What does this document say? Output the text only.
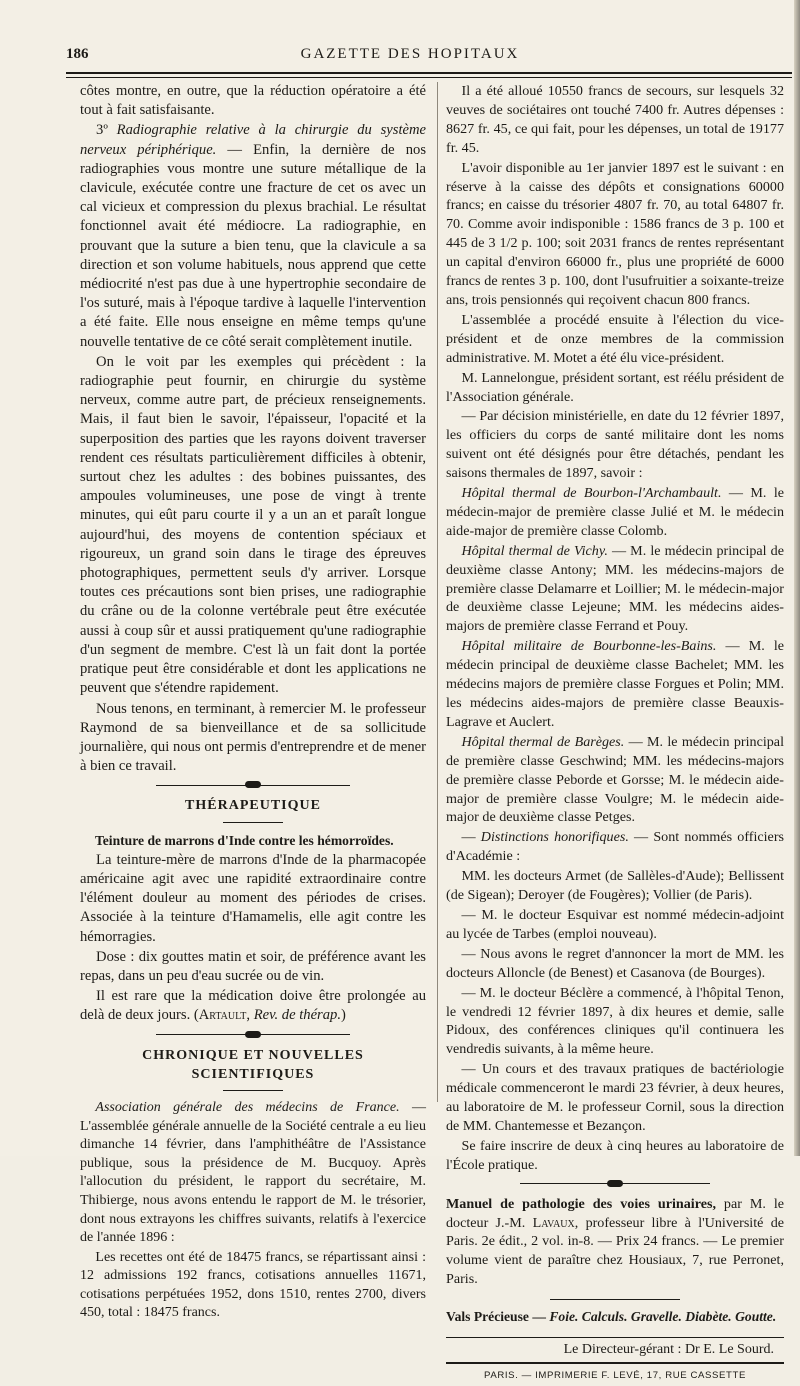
186	GAZETTE DES HOPITAUX

côtes montre, en outre, que la réduction opératoire a été tout à fait satisfaisante.

3º Radiographie relative à la chirurgie du système nerveux périphérique. — Enfin, la dernière de nos radiographies vous montre une suture métallique de la clavicule, exécutée contre une fracture de cet os avec un cal vicieux et compression du plexus brachial. Le résultat fonctionnel avait été médiocre. La radiographie, en prouvant que la suture a bien tenu, que la clavicule a sa direction et son volume habituels, nous apprend que cette médiocrité n'est pas due à une hypertrophie secondaire de l'os suturé, mais à l'époque tardive à laquelle l'intervention a été faite. Elle nous enseigne en même temps qu'une nouvelle tentative de ce côté serait complètement inutile.

On le voit par les exemples qui précèdent : la radiographie peut fournir, en chirurgie du système nerveux, comme autre part, de précieux renseignements. Mais, il faut bien le savoir, l'épaisseur, l'opacité et la superposition des parties que les rayons doivent traverser rendent ces résultats particulièrement difficiles à obtenir, surtout chez les adultes : des bobines puissantes, des ampoules volumineuses, une pose de vingt à trente minutes, qui eût paru courte il y a un an et paraît longue aujourd'hui, des moyens de contention spéciaux et rigoureux, un grand soin dans le tirage des épreuves photographiques, permettent seuls d'y arriver. Lorsque toutes ces précautions sont bien prises, une radiographie du crâne ou de la colonne vertébrale peut être exécutée aussi à coup sûr et aussi pratiquement qu'une radiographie d'un segment de membre. C'est là un fait dont la portée pratique peut être considérable et dont les applications ne peuvent que s'étendre rapidement.

Nous tenons, en terminant, à remercier M. le professeur Raymond de sa bienveillance et de sa sollicitude journalière, qui nous ont permis d'entreprendre et de mener à bien ce travail.

THÉRAPEUTIQUE

Teinture de marrons d'Inde contre les hémorroïdes.

La teinture-mère de marrons d'Inde de la pharmacopée américaine agit avec une rapidité extraordinaire contre l'élément douleur au moment des périodes de crises. Associée à la teinture d'Hamamelis, elle agit contre les hémorragies.

Dose : dix gouttes matin et soir, de préférence avant les repas, dans un peu d'eau sucrée ou de vin.

Il est rare que la médication doive être prolongée au delà de deux jours. (Artault, Rev. de thérap.)

CHRONIQUE ET NOUVELLES SCIENTIFIQUES

Association générale des médecins de France. — L'assemblée générale annuelle de la Société centrale a eu lieu dimanche 14 février, dans l'amphithéâtre de l'Assistance publique, sous la présidence de M. Bucquoy. Après l'allocution du président, le rapport du secrétaire, M. Thibierge, nous avons entendu le rapport de M. le trésorier, dont nous extrayons les chiffres suivants, relatifs à l'exercice de l'année 1896 :

Les recettes ont été de 18475 francs, se répartissant ainsi : 12 admissions 192 francs, cotisations annuelles 11671, cotisations perpétuées 1952, dons 1510, rentes 2700, divers 450, total : 18475 francs.

Il a été alloué 10550 francs de secours, sur lesquels 32 veuves de sociétaires ont touché 7400 fr. Autres dépenses : 8627 fr. 45, ce qui fait, pour les dépenses, un total de 19177 fr. 45.

L'avoir disponible au 1er janvier 1897 est le suivant : en réserve à la caisse des dépôts et consignations 60000 francs; en caisse du trésorier 4807 fr. 70, au total 64807 fr. 70. Comme avoir indisponible : 1586 francs de 3 p. 100 et 445 de 3 1/2 p. 100; soit 2031 francs de rentes représentant un capital d'environ 66000 fr., plus une propriété de 6000 francs de rentes 3 p. 100, dont l'usufruitier a soixante-treize ans, trois pensionnés qui reçoivent chacun 800 francs.

L'assemblée a procédé ensuite à l'élection du vice-président et de onze membres de la commission administrative. M. Motet a été élu vice-président.

M. Lannelongue, président sortant, est réélu président de l'Association générale.

— Par décision ministérielle, en date du 12 février 1897, les officiers du corps de santé militaire dont les noms suivent ont été désignés pour être détachés, pendant les saisons thermales de 1897, savoir :

Hôpital thermal de Bourbon-l'Archambault. — M. le médecin-major de première classe Julié et M. le médecin aide-major de première classe Colomb.

Hôpital thermal de Vichy. — M. le médecin principal de deuxième classe Antony; MM. les médecins-majors de première classe Delamarre et Loillier; M. le médecin-major de deuxième classe Lejeune; MM. les médecins aides-majors de première classe Ferrand et Pouy.

Hôpital militaire de Bourbonne-les-Bains. — M. le médecin principal de deuxième classe Bachelet; MM. les médecins majors de première classe Forgues et Polin; MM. les médecins aides-majors de première classe Beauxis-Lagrave et Auclert.

Hôpital thermal de Barèges. — M. le médecin principal de première classe Geschwind; MM. les médecins-majors de première classe Peborde et Gorsse; M. le médecin aide-major de première classe Voulgre; M. le médecin aide-major de deuxième classe Petges.

— Distinctions honorifiques. — Sont nommés officiers d'Académie :

MM. les docteurs Armet (de Sallèles-d'Aude); Bellissent (de Sigean); Deroyer (de Fougères); Vollier (de Paris).

— M. le docteur Esquivar est nommé médecin-adjoint au lycée de Tarbes (emploi nouveau).

— Nous avons le regret d'annoncer la mort de MM. les docteurs Alloncle (de Benest) et Casanova (de Bourges).

— M. le docteur Béclère a commencé, à l'hôpital Tenon, le vendredi 12 février 1897, à dix heures et demie, salle Pidoux, des conférences cliniques qu'il continuera les vendredis suivants, à la même heure.

— Un cours et des travaux pratiques de bactériologie médicale commenceront le mardi 23 février, à deux heures, au laboratoire de M. le professeur Cornil, sous la direction de MM. Chantemesse et Bezançon.

Se faire inscrire de deux à cinq heures au laboratoire de l'École pratique.

Manuel de pathologie des voies urinaires, par M. le docteur J.-M. Lavaux, professeur libre à l'Université de Paris. 2e édit., 2 vol. in-8. — Prix 24 francs. — Le premier volume vient de paraître chez Housiaux, 7, rue Perronet, Paris.

Vals Précieuse — Foie. Calculs. Gravelle. Diabète. Goutte.

Le Directeur-gérant : Dr E. Le Sourd.
PARIS. — IMPRIMERIE F. LEVÉ, 17, RUE CASSETTE
